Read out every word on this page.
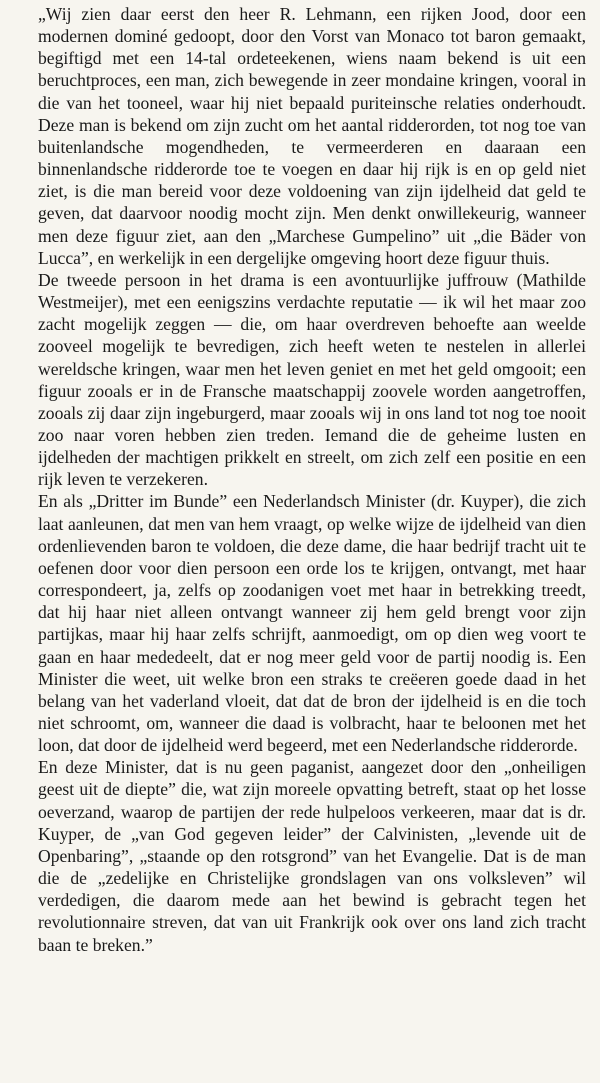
„Wij zien daar eerst den heer R. Lehmann, een rijken Jood, door een modernen dominé gedoopt, door den Vorst van Monaco tot baron gemaakt, begiftigd met een 14-tal ordeteekenen, wiens naam bekend is uit een beruchtproces, een man, zich bewegende in zeer mondaine kringen, vooral in die van het tooneel, waar hij niet bepaald puriteinsche relaties onderhoudt. Deze man is bekend om zijn zucht om het aantal ridderorden, tot nog toe van buitenlandsche mogendheden, te vermeerderen en daaraan een binnenlandsche ridderorde toe te voegen en daar hij rijk is en op geld niet ziet, is die man bereid voor deze voldoening van zijn ijdelheid dat geld te geven, dat daarvoor noodig mocht zijn. Men denkt onwillekeurig, wanneer men deze figuur ziet, aan den „Marchese Gumpelino” uit „die Bäder von Lucca”, en werkelijk in een dergelijke omgeving hoort deze figuur thuis.

De tweede persoon in het drama is een avontuurlijke juffrouw (Mathilde Westmeijer), met een eenigszins verdachte reputatie — ik wil het maar zoo zacht mogelijk zeggen — die, om haar overdreven behoefte aan weelde zooveel mogelijk te bevredigen, zich heeft weten te nestelen in allerlei wereldsche kringen, waar men het leven geniet en met het geld omgooit; een figuur zooals er in de Fransche maatschappij zoovele worden aangetroffen, zooals zij daar zijn ingeburgerd, maar zooals wij in ons land tot nog toe nooit zoo naar voren hebben zien treden. Iemand die de geheime lusten en ijdelheden der machtigen prikkelt en streelt, om zich zelf een positie en een rijk leven te verzekeren.

En als „Dritter im Bunde” een Nederlandsch Minister (dr. Kuyper), die zich laat aanleunen, dat men van hem vraagt, op welke wijze de ijdelheid van dien ordenlievenden baron te voldoen, die deze dame, die haar bedrijf tracht uit te oefenen door voor dien persoon een orde los te krijgen, ontvangt, met haar correspondeert, ja, zelfs op zoodanigen voet met haar in betrekking treedt, dat hij haar niet alleen ontvangt wanneer zij hem geld brengt voor zijn partijkas, maar hij haar zelfs schrijft, aanmoedigt, om op dien weg voort te gaan en haar mededeelt, dat er nog meer geld voor de partij noodig is. Een Minister die weet, uit welke bron een straks te creëeren goede daad in het belang van het vaderland vloeit, dat dat de bron der ijdelheid is en die toch niet schroomt, om, wanneer die daad is volbracht, haar te beloonen met het loon, dat door de ijdelheid werd begeerd, met een Nederlandsche ridderorde.

En deze Minister, dat is nu geen paganist, aangezet door den „onheiligen geest uit de diepte” die, wat zijn moreele opvatting betreft, staat op het losse oeverzand, waarop de partijen der rede hulpeloos verkeeren, maar dat is dr. Kuyper, de „van God gegeven leider” der Calvinisten, „levende uit de Openbaring”, „staande op den rotsgrond” van het Evangelie. Dat is de man die de „zedelijke en Christelijke grondslagen van ons volksleven” wil verdedigen, die daarom mede aan het bewind is gebracht tegen het revolutionnaire streven, dat van uit Frankrijk ook over ons land zich tracht baan te breken.”
